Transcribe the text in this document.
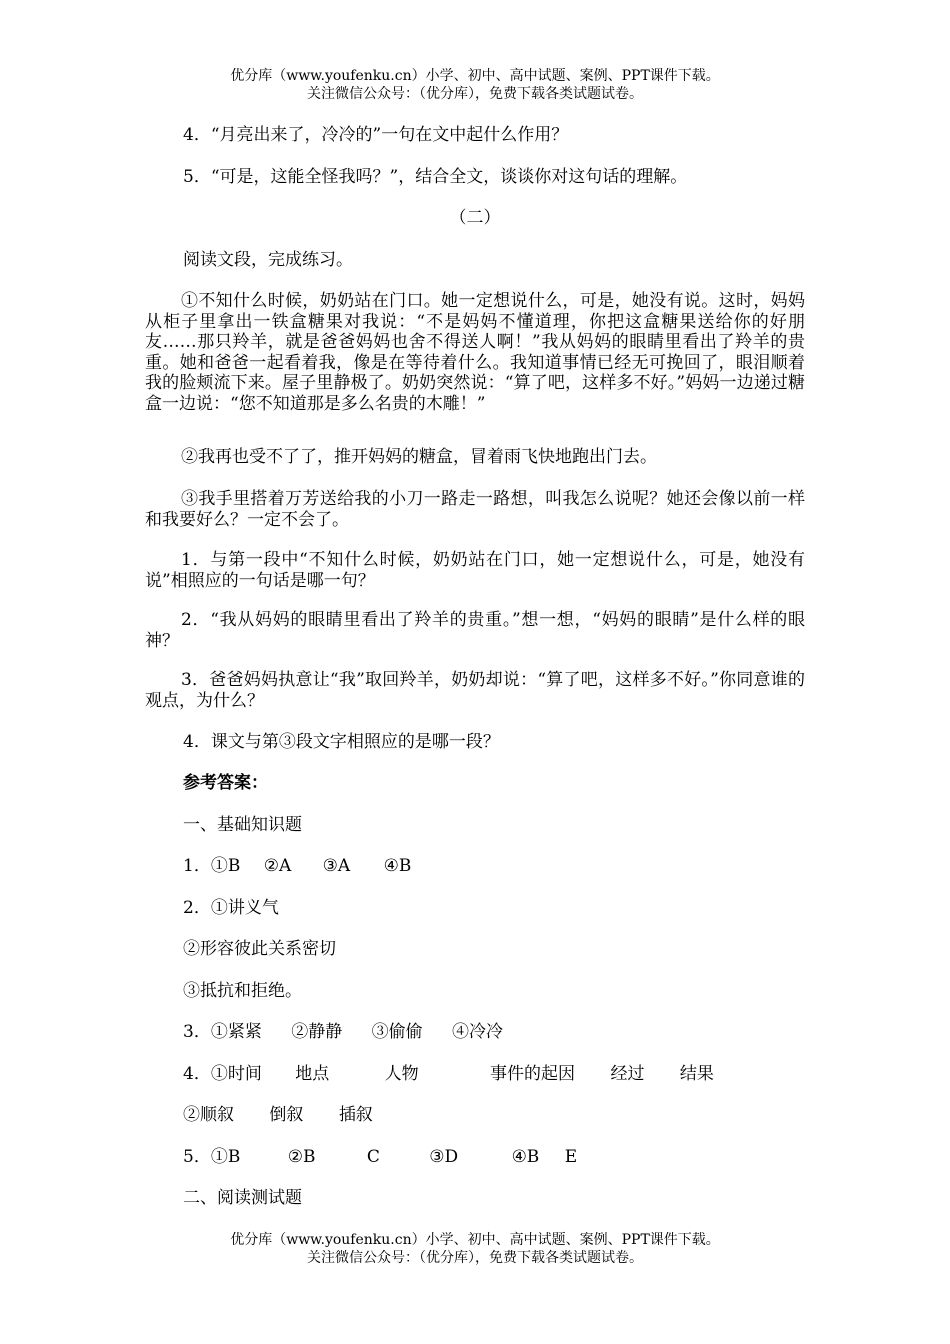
优分库（www.youfenku.cn）小学、初中、高中试题、案例、PPT课件下载。
关注微信公众号：（优分库），免费下载各类试题试卷。
4．“月亮出来了，冷冷的”一句在文中起什么作用？
5．“可是，这能全怪我吗？”，结合全文，谈谈你对这句话的理解。
（二）
阅读文段，完成练习。
①不知什么时候，奶奶站在门口。她一定想说什么，可是，她没有说。这时，妈妈从柜子里拿出一铁盒糖果对我说：“不是妈妈不懂道理，你把这盒糖果送给你的好朋友……那只羚羊，就是爸爸妈妈也舍不得送人啊！”我从妈妈的眼睛里看出了羚羊的贵重。她和爸爸一起看着我，像是在等待着什么。我知道事情已经无可挽回了，眼泪顺着我的脸颊流下来。屋子里静极了。奶奶突然说：“算了吧，这样多不好。”妈妈一边递过糖盒一边说：“您不知道那是多么名贵的木雕！”
②我再也受不了了，推开妈妈的糖盒，冒着雨飞快地跑出门去。
③我手里搭着万芳送给我的小刀一路走一路想，叫我怎么说呢？她还会像以前一样和我要好么？一定不会了。
1．与第一段中“不知什么时候，奶奶站在门口，她一定想说什么，可是，她没有说”相照应的一句话是哪一句？
2．“我从妈妈的眼睛里看出了羚羊的贵重。”想一想，“妈妈的眼睛”是什么样的眼神？
3．爸爸妈妈执意让“我”取回羚羊，奶奶却说：“算了吧，这样多不好。”你同意谁的观点，为什么？
4．课文与第③段文字相照应的是哪一段？
参考答案：
一、基础知识题
1．①B ②A ③A ④B
2．①讲义气
②形容彼此关系密切
③抵抗和拒绝。
3．①紧紧 ②静静 ③偷偷 ④冷冷
4．①时间 地点	人物	事件的起因 经过 结果
②顺叙 倒叙 插叙
5．①B	②B	C	③D	④B E
二、阅读测试题
优分库（www.youfenku.cn）小学、初中、高中试题、案例、PPT课件下载。
关注微信公众号：（优分库），免费下载各类试题试卷。
